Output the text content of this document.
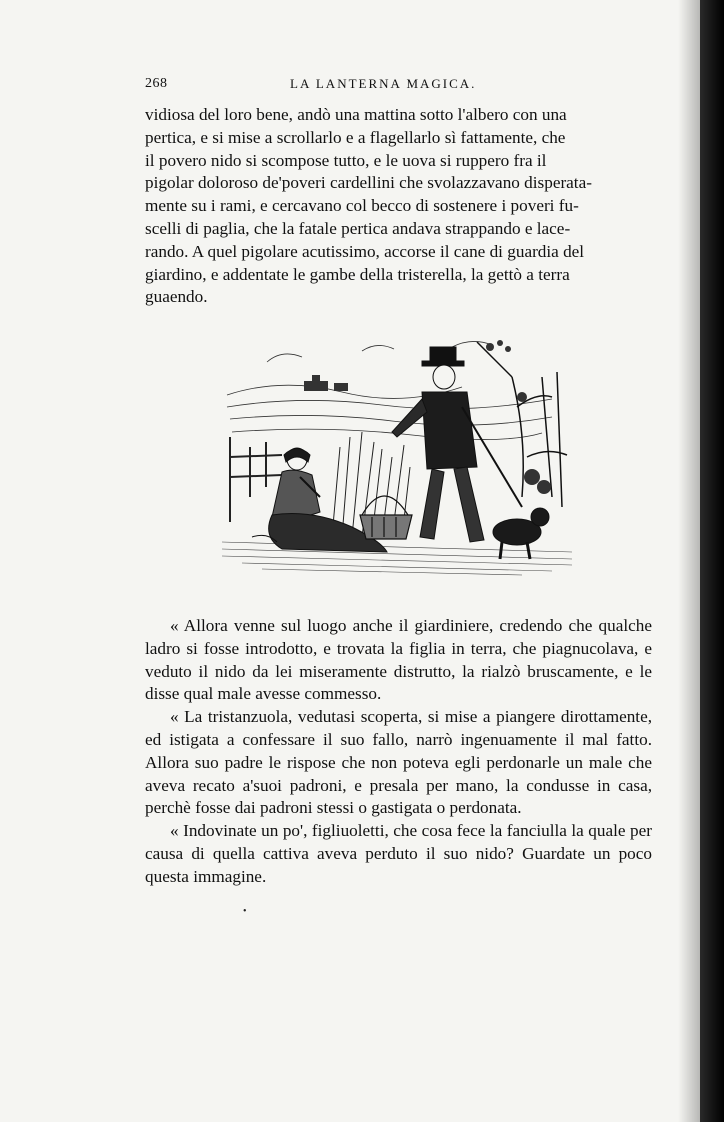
268	LA LANTERNA MAGICA.

vidiosa del loro bene, andò una mattina sotto l'albero con una

pertica, e si mise a scrollarlo e a flagellarlo sì fattamente, che

il povero nido si scompose tutto, e le uova si ruppero fra il

pigolar doloroso de'poveri cardellini che svolazzavano disperata-

mente su i rami, e cercavano col becco di sostenere i poveri fu-

scelli di paglia, che la fatale pertica andava strappando e lace-

rando. A quel pigolare acutissimo, accorse il cane di guardia del

giardino, e addentate le gambe della tristerella, la gettò a terra

guaendo.

« Allora venne sul luogo anche il giardiniere, credendo che qualche ladro si fosse introdotto, e trovata la figlia in terra, che piagnucolava, e veduto il nido da lei miseramente distrutto, la rialzò bruscamente, e le disse qual male avesse commesso.

« La tristanzuola, vedutasi scoperta, si mise a piangere dirottamente, ed istigata a confessare il suo fallo, narrò ingenuamente il mal fatto. Allora suo padre le rispose che non poteva egli perdonarle un male che aveva recato a'suoi padroni, e presala per mano, la condusse in casa, perchè fosse dai padroni stessi o gastigata o perdonata.

« Indovinate un po', figliuoletti, che cosa fece la fanciulla la quale per causa di quella cattiva aveva perduto il suo nido? Guardate un poco questa immagine.

•
